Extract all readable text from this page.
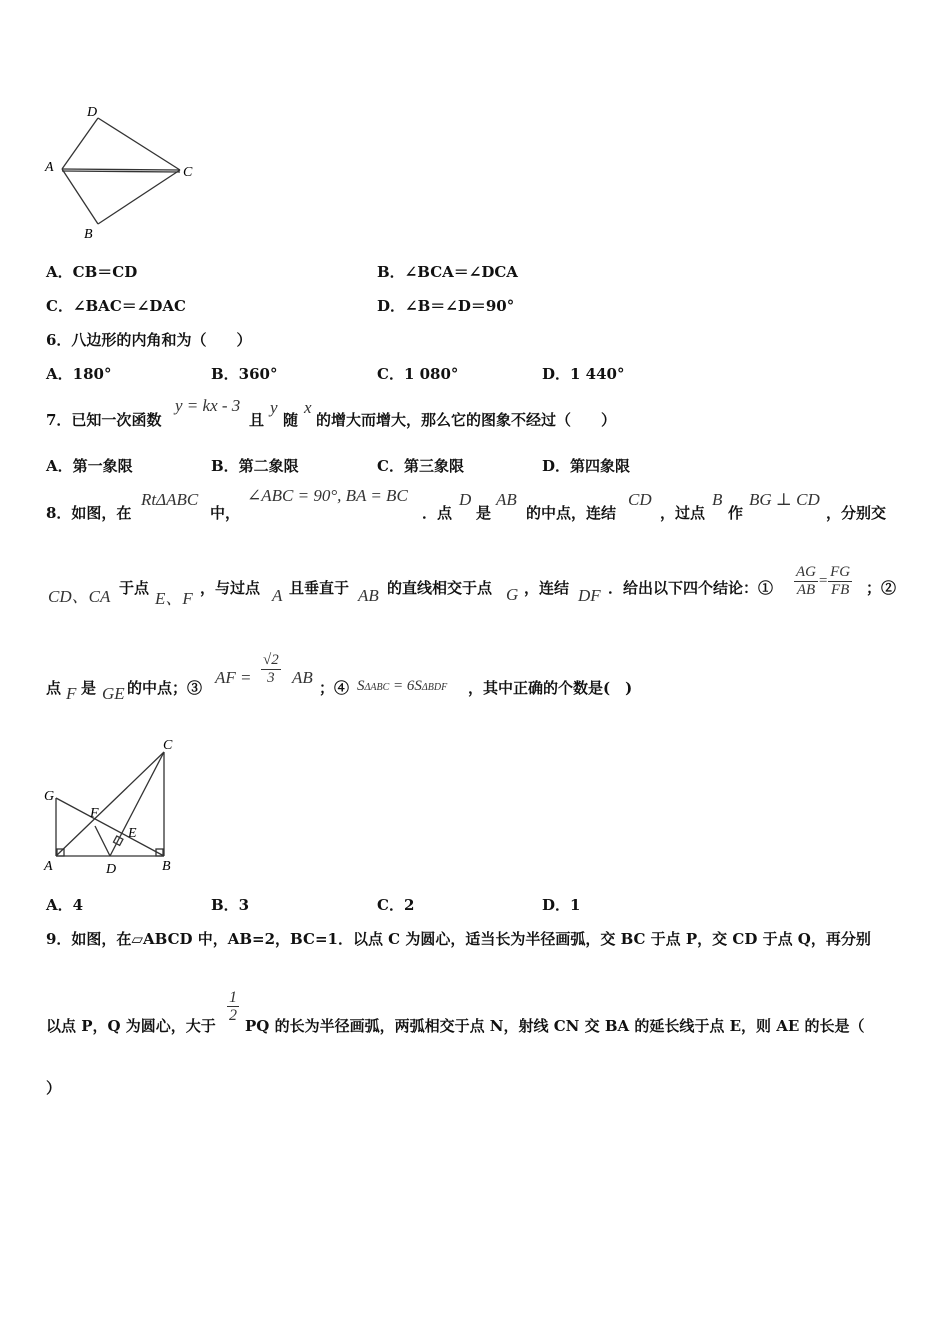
D
A	C
B
A．CB＝CD	B．∠BCA＝∠DCA
C．∠BAC＝∠DAC	D．∠B＝∠D＝90°
6．八边形的内角和为（　　）
A．180°	B．360°	C．1 080°	D．1 440°
7．已知一次函数
y = kx - 3
且
y
随
x
的增大而增大，那么它的图象不经过（　　）
A．第一象限	B．第二象限	C．第三象限	D．第四象限
8．如图，在
RtΔABC
中，
∠ABC = 90°, BA = BC
．点
D
是
AB
的中点，连结
CD
，过点
B
作
BG ⊥ CD
，分别交
CD、CA 于点
E、F
，与过点 A 且垂直于 AB 的直线相交于点 G ，连结 DF ．给出以下四个结论：① $\frac{AG}{AB} = \frac{FG}{FB}$ ；②
点 F 是 GE 的中点；③
AF = $\frac{√2}{3}$ AB
；④ SΔABC = 6SΔBDF ，其中正确的个数是(　)
C
G
F
E
A	D	B
A．4	B．3	C．2	D．1
9．如图，在▱ABCD 中，AB=2，BC=1．以点 C 为圆心，适当长为半径画弧，交 BC 于点 P，交 CD 于点 Q，再分别
以点 P，Q 为圆心，大于
$\frac{1}{2}$
PQ 的长为半径画弧，两弧相交于点 N，射线 CN 交 BA 的延长线于点 E，则 AE 的长是（
）
